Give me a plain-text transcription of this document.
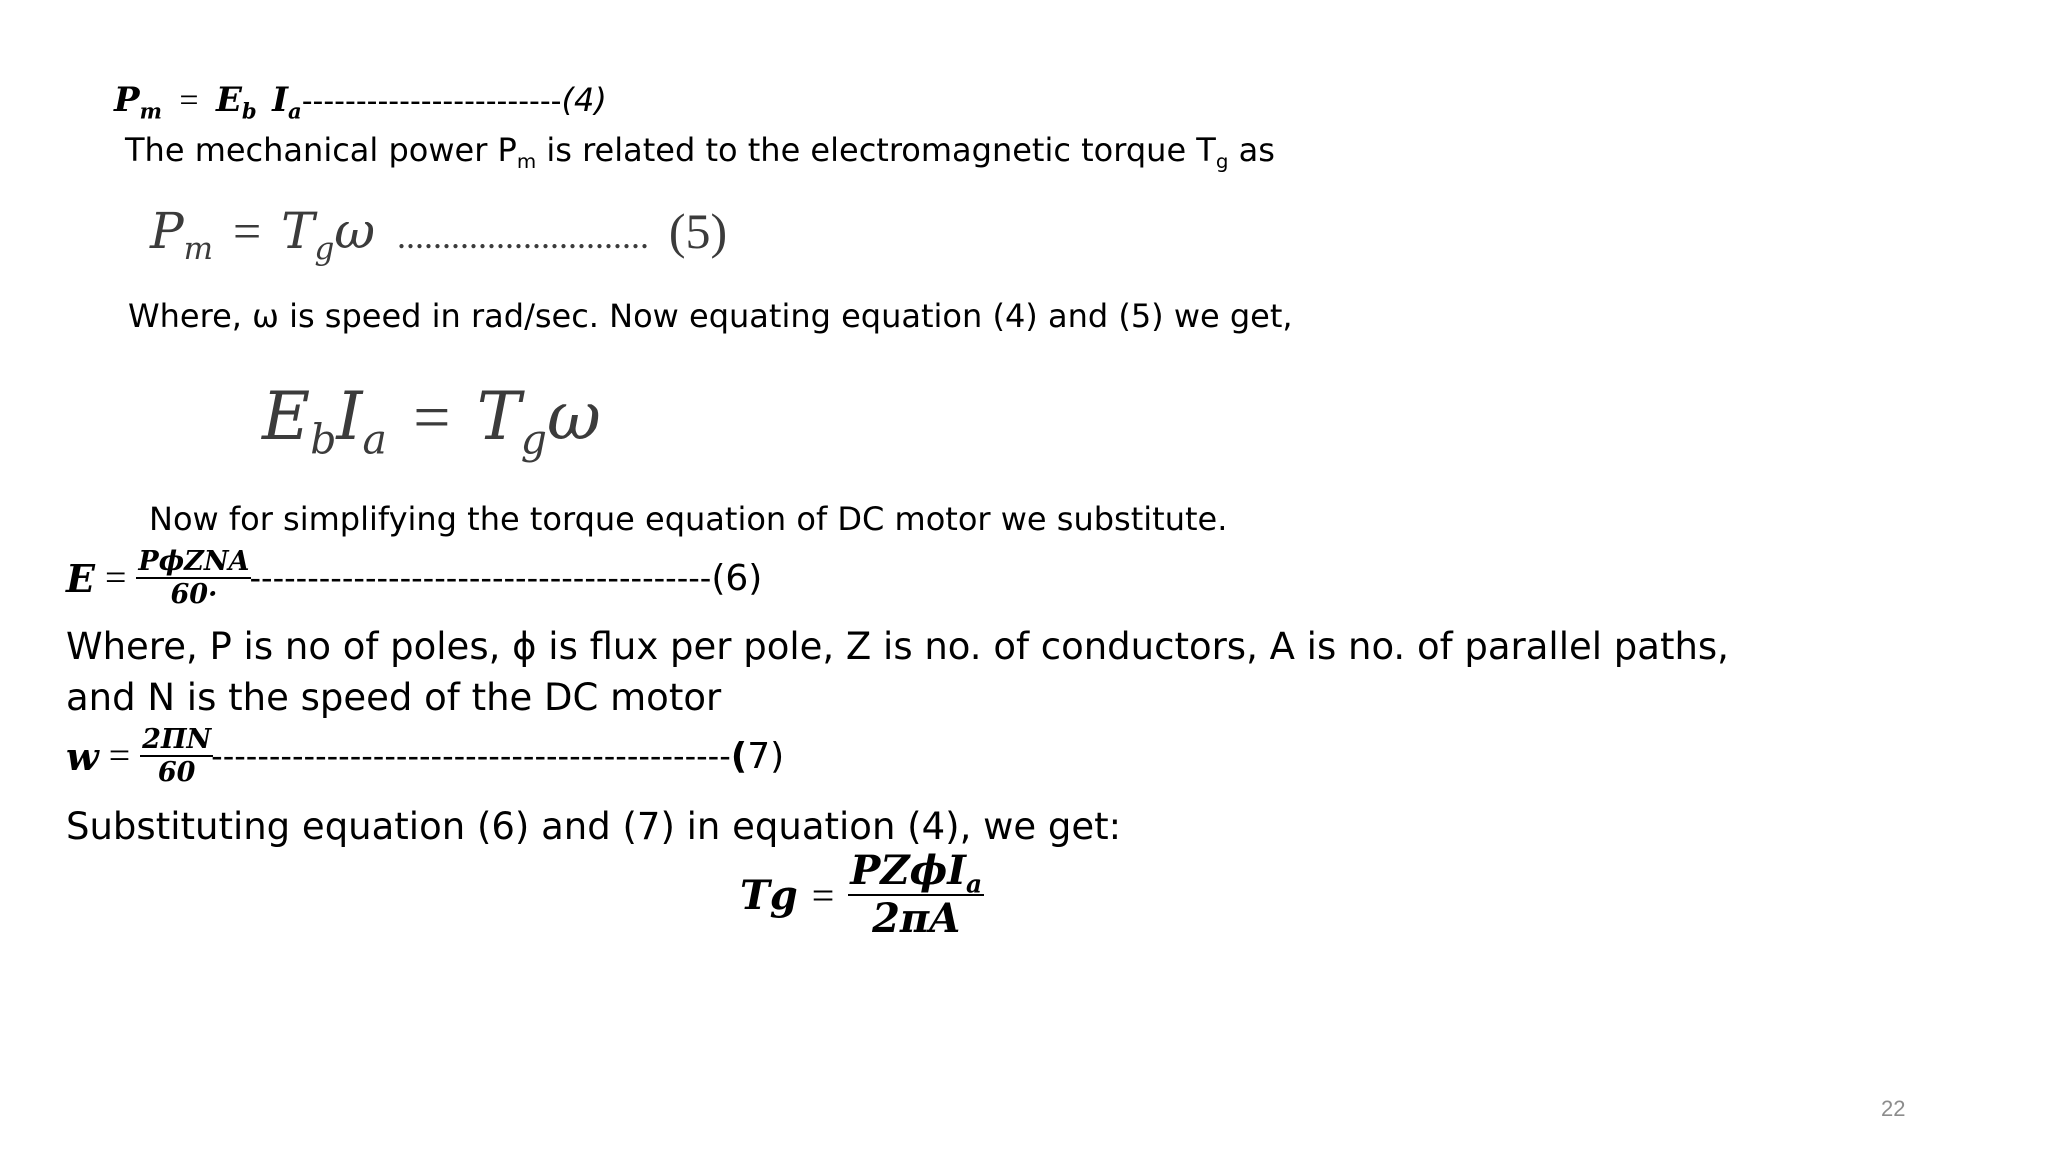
$P_m = E_b$ $I_a------------------------(4)$
The mechanical power $P_m$ is related to the electromagnetic torque $T_g$ as
$P_m = T_g\omega$ ............................ (5)
Where, ω is speed in rad/sec. Now equating equation (4) and (5) we get,
$E_bI_a = T_g\omega$
Now for simplifying the torque equation of DC motor we substitute.
$E = \frac{\text{PϕZNA}}{60\cdot}$
---------------------------------------- (6)
Where, P is no of poles, ϕ is flux per pole, Z is no. of conductors, A is no. of parallel paths,
and N is the speed of the DC motor
$w = \frac{2\Pi N}{60}$
--------------------------------------------- ( 7)
Substituting equation (6) and (7) in equation (4), we get:
$Tg = \frac{PZ\phi I_a}{2\pi A}$
22
